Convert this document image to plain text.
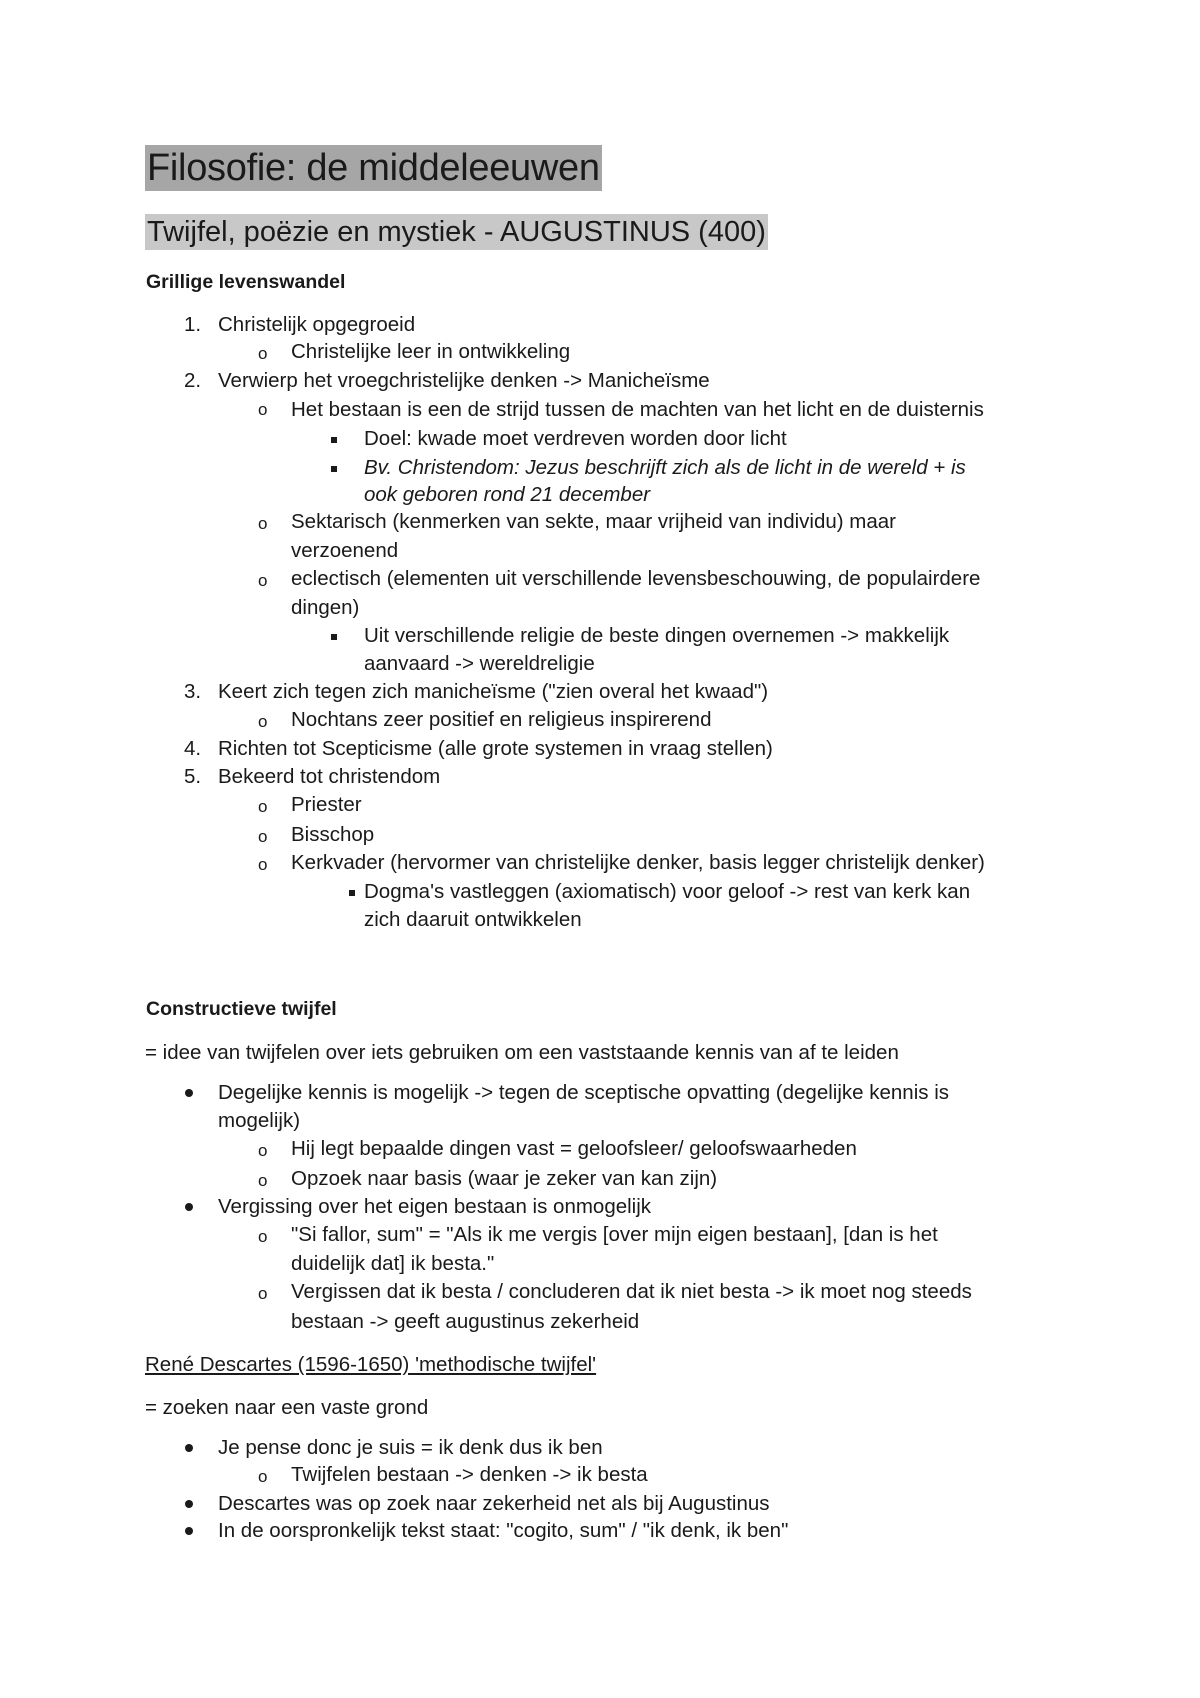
Filosofie: de middeleeuwen
Twijfel, poëzie en mystiek - AUGUSTINUS (400)
Grillige levenswandel
1. Christelijk opgegroeid
o Christelijke leer in ontwikkeling
2. Verwierp het vroegchristelijke denken -> Manicheïsme
o Het bestaan is een de strijd tussen de machten van het licht en de duisternis
Doel: kwade moet verdreven worden door licht
Bv. Christendom: Jezus beschrijft zich als de licht in de wereld + is
ook geboren rond 21 december
o Sektarisch (kenmerken van sekte, maar vrijheid van individu) maar
verzoenend
o eclectisch (elementen uit verschillende levensbeschouwing, de populairdere
dingen)
Uit verschillende religie de beste dingen overnemen -> makkelijk
aanvaard -> wereldreligie
3. Keert zich tegen zich manicheïsme ("zien overal het kwaad")
o Nochtans zeer positief en religieus inspirerend
4. Richten tot Scepticisme (alle grote systemen in vraag stellen)
5. Bekeerd tot christendom
o Priester
o Bisschop
o Kerkvader (hervormer van christelijke denker, basis legger christelijk denker)
Dogma's vastleggen (axiomatisch) voor geloof -> rest van kerk kan
zich daaruit ontwikkelen
Constructieve twijfel
= idee van twijfelen over iets gebruiken om een vaststaande kennis van af te leiden
Degelijke kennis is mogelijk -> tegen de sceptische opvatting (degelijke kennis is
mogelijk)
o Hij legt bepaalde dingen vast = geloofsleer/ geloofswaarheden
o Opzoek naar basis (waar je zeker van kan zijn)
Vergissing over het eigen bestaan is onmogelijk
o "Si fallor, sum" = "Als ik me vergis [over mijn eigen bestaan], [dan is het
duidelijk dat] ik besta."
o Vergissen dat ik besta / concluderen dat ik niet besta -> ik moet nog steeds
bestaan -> geeft augustinus zekerheid
René Descartes (1596-1650) 'methodische twijfel'
= zoeken naar een vaste grond
Je pense donc je suis = ik denk dus ik ben
o Twijfelen bestaan -> denken -> ik besta
Descartes was op zoek naar zekerheid net als bij Augustinus
In de oorspronkelijk tekst staat: "cogito, sum" / "ik denk, ik ben"
